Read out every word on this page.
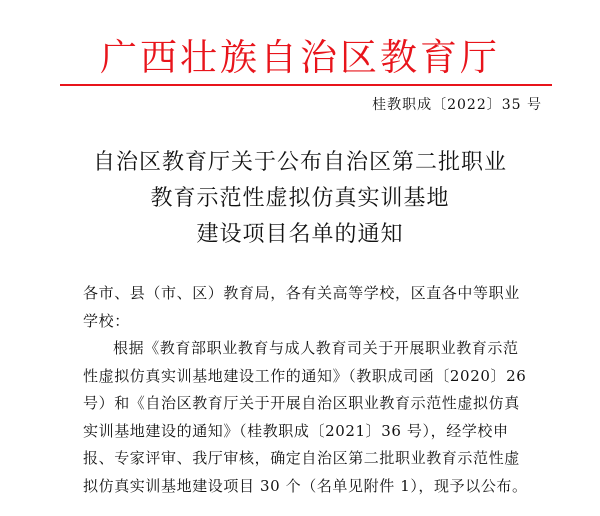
广西壮族自治区教育厅
桂教职成〔2022〕35 号
自治区教育厅关于公布自治区第二批职业
教育示范性虚拟仿真实训基地
建设项目名单的通知

各市、县（市、区）教育局，各有关高等学校，区直各中等职业
学校：

根据《教育部职业教育与成人教育司关于开展职业教育示范
性虚拟仿真实训基地建设工作的通知》（教职成司函〔2020〕26
号）和《自治区教育厅关于开展自治区职业教育示范性虚拟仿真
实训基地建设的通知》（桂教职成〔2021〕36 号），经学校申
报、专家评审、我厅审核，确定自治区第二批职业教育示范性虚
拟仿真实训基地建设项目 30 个（名单见附件 1），现予以公布。
